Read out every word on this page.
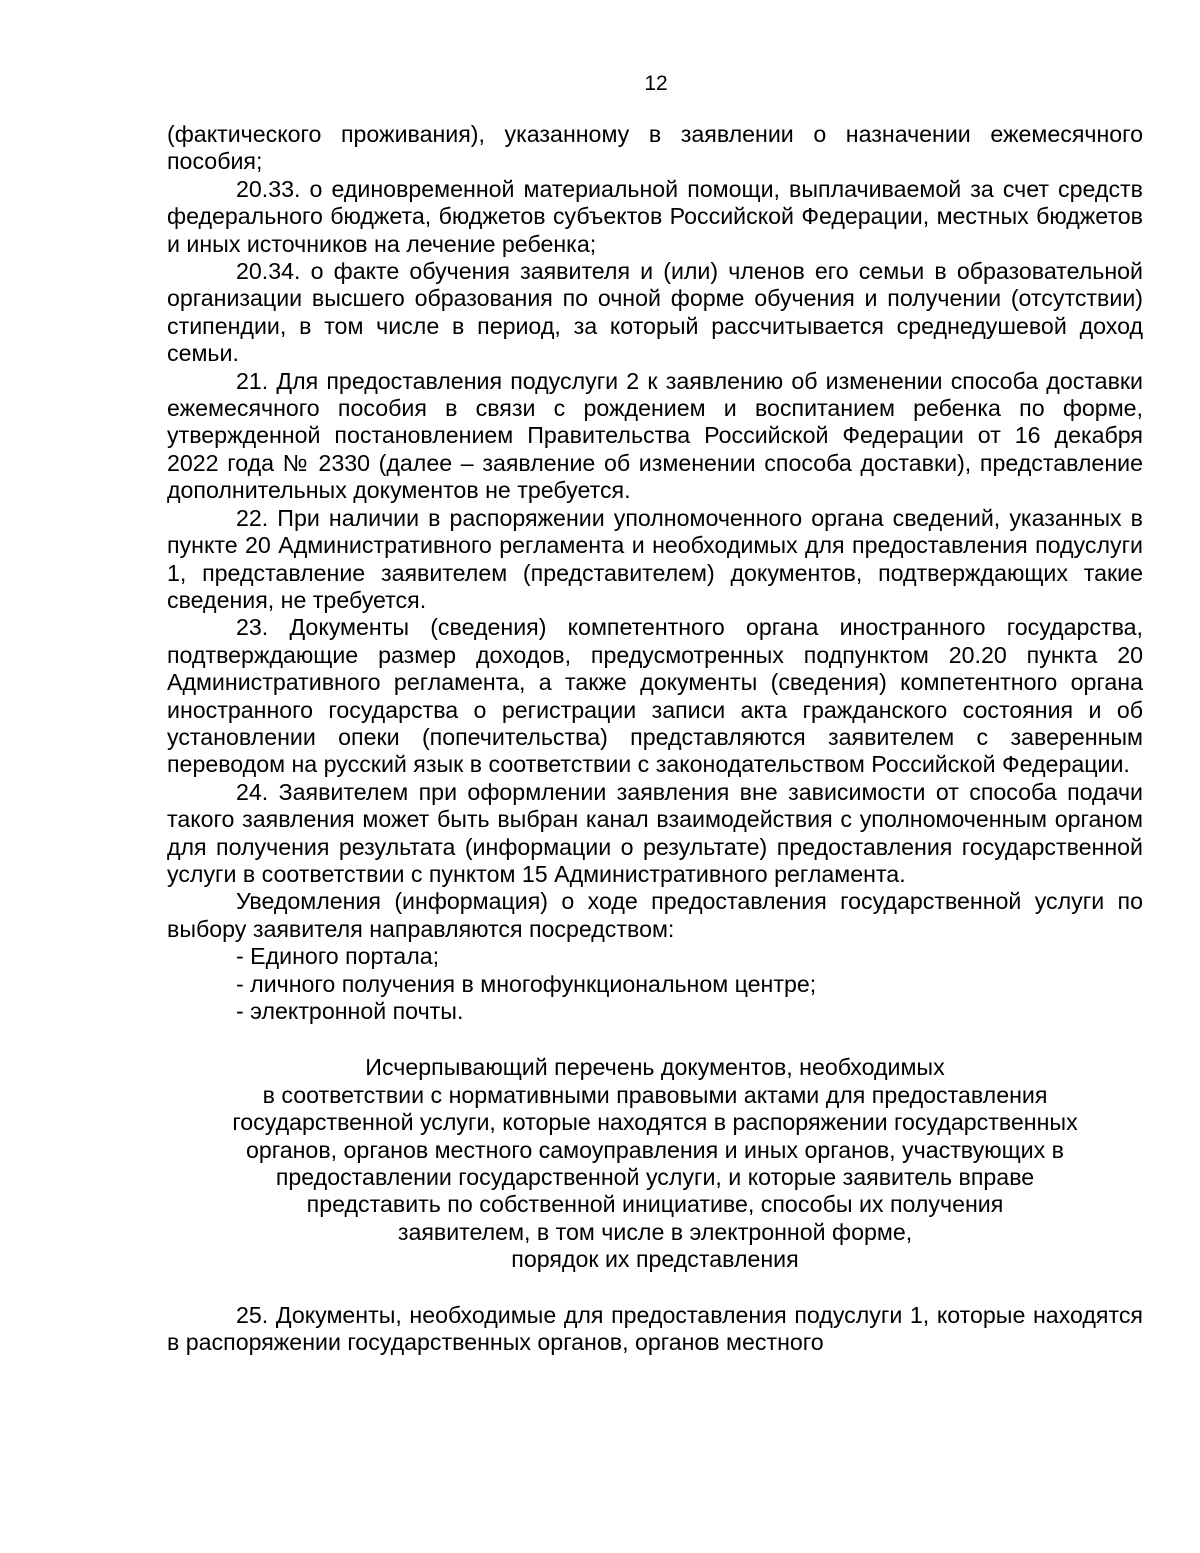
12

(фактического проживания), указанному в заявлении о назначении ежемесячного пособия;

20.33. о единовременной материальной помощи, выплачиваемой за счет средств федерального бюджета, бюджетов субъектов Российской Федерации, местных бюджетов и иных источников на лечение ребенка;

20.34. о факте обучения заявителя и (или) членов его семьи в образовательной организации высшего образования по очной форме обучения и получении (отсутствии) стипендии, в том числе в период, за который рассчитывается среднедушевой доход семьи.

21. Для предоставления подуслуги 2 к заявлению об изменении способа доставки ежемесячного пособия в связи с рождением и воспитанием ребенка по форме, утвержденной постановлением Правительства Российской Федерации от 16 декабря 2022 года № 2330 (далее – заявление об изменении способа доставки), представление дополнительных документов не требуется.

22. При наличии в распоряжении уполномоченного органа сведений, указанных в пункте 20 Административного регламента и необходимых для предоставления подуслуги 1, представление заявителем (представителем) документов, подтверждающих такие сведения, не требуется.

23. Документы (сведения) компетентного органа иностранного государства, подтверждающие размер доходов, предусмотренных подпунктом 20.20 пункта 20 Административного регламента, а также документы (сведения) компетентного органа иностранного государства о регистрации записи акта гражданского состояния и об установлении опеки (попечительства) представляются заявителем с заверенным переводом на русский язык в соответствии с законодательством Российской Федерации.

24. Заявителем при оформлении заявления вне зависимости от способа подачи такого заявления может быть выбран канал взаимодействия с уполномоченным органом для получения результата (информации о результате) предоставления государственной услуги в соответствии с пунктом 15 Административного регламента.

Уведомления (информация) о ходе предоставления государственной услуги по выбору заявителя направляются посредством:

- Единого портала;

- личного получения в многофункциональном центре;

- электронной почты.

Исчерпывающий перечень документов, необходимых
в соответствии с нормативными правовыми актами для предоставления
государственной услуги, которые находятся в распоряжении государственных
органов, органов местного самоуправления и иных органов, участвующих в
предоставлении государственной услуги, и которые заявитель вправе
представить по собственной инициативе, способы их получения
заявителем, в том числе в электронной форме,
порядок их представления

25. Документы, необходимые для предоставления подуслуги 1, которые находятся в распоряжении государственных органов, органов местного
